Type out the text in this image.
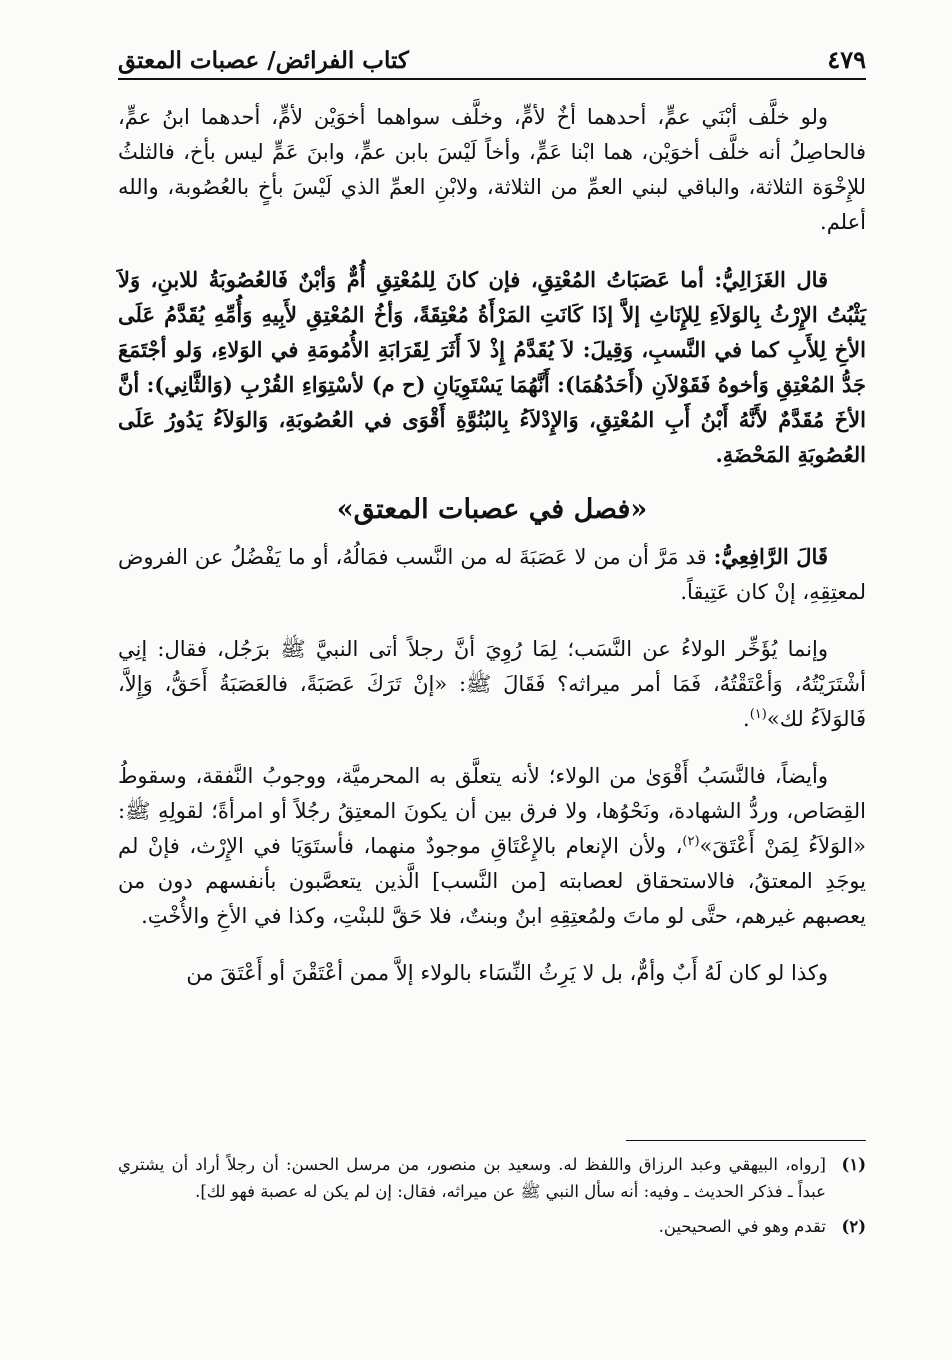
كتاب الفرائض/ عصبات المعتق	٤٧٩

ولو خلَّف أبْنَي عمٍّ، أحدهما أخٌ لأمٍّ، وخلَّف سواهما أخوَيْن لأمٍّ، أحدهما ابنُ عمٍّ، فالحاصِلُ أنه خلَّف أخوَيْن، هما ابْنا عَمٍّ، وأخاً لَيْسَ بابن عمٍّ، وابنَ عَمٍّ ليس بأخ، فالثلثُ للإِخْوَة الثلاثة، والباقي لبني العمِّ من الثلاثة، ولابْنِ العمِّ الذي لَيْسَ بأخٍ بالعُصُوبة، والله أعلم.

قال الغَزَالِيُّ: أما عَصَبَاتُ المُعْتِقِ، فإن كانَ لِلمُعْتِقِ أُمٌّ وَأبْنٌ فَالعُصُوبَةُ للابنِ، وَلاَ يَثْبُتُ الإِرْثُ بِالوَلاَءِ لِلإِنَاثِ إلاَّ إذَا كَانَتِ المَرْأَةُ مُعْتِقَةً، وَأخُ المُعْتِقِ لأَبِيهِ وَأُمِّهِ يُقَدَّمُ عَلَى الأخِ لِلأَبِ كما في النَّسبِ، وَقِيلَ: لاَ يُقَدَّمُ إِذْ لاَ أَثَرَ لِقَرَابَةِ الأُمُومَةِ في الوَلاءِ، وَلو أجْتَمَعَ جَدُّ المُعْتِقِ وَأخوهُ فَقَوْلاَنِ (أَحَدُهُمَا): أَنَّهُمَا يَسْتَوِيَانِ (ح م) لأسْتِوَاءِ القُرْبِ (وَالثَّانِي): أنَّ الأخَ مُقَدَّمٌ لأَنَّهُ أَبْنُ أَبِ المُعْتِقِ، وَالإِدْلاَءُ بِالبُنُوَّةِ أَقْوَى في العُصُوبَةِ، وَالوَلاَءُ يَدُورُ عَلَى العُصُوبَةِ المَحْضَةِ.

«فصل في عصبات المعتق»

قَالَ الرَّافِعِيُّ: قد مَرَّ أن من لا عَصَبَةَ له من النَّسب فمَالُهُ، أو ما يَفْضُلُ عن الفروض لمعتِقِهِ، إنْ كان عَتِيقاً.

وإنما يُؤَخِّر الولاءُ عن النَّسَب؛ لِمَا رُوِيَ أنَّ رجلاً أتى النبيَّ ﷺ برَجُل، فقال: إنِي أشْتَرَيْتُهُ، وَأعْتَقْتُهُ، فَمَا أمر ميراثه؟ فَقَالَ ﷺ: «إنْ تَرَكَ عَصَبَةً، فالعَصَبَةُ أَحَقُّ، وَإِلاَّ، فَالوَلاَءُ لك»$^{(١)}$.

وأيضاً، فالنَّسَبُ أَقْوَىٰ من الولاء؛ لأنه يتعلَّق به المحرميَّة، ووجوبُ النَّفقة، وسقوطُ القِصَاص، وردُّ الشهادة، ونَحْوُها، ولا فرق بين أن يكونَ المعتِقُ رجُلاً أو امرأةً؛ لقولِهِ ﷺ: «الوَلاَءُ لِمَنْ أَعْتَقَ»$^{(٢)}$، ولأن الإنعام بالإِعْتَاقِ موجودٌ منهما، فأستَوَيَا في الإِرْث، فإنْ لم يوجَدِ المعتقُ، فالاستحقاق لعصابته [من النَّسب] الَّذين يتعصَّبون بأنفسهم دون من يعصبهم غيرهم، حتَّى لو ماتَ ولمُعتِقِهِ ابنٌ وبنتٌ، فلا حَقَّ للبنْتِ، وكذا في الأخِ والأُخْتِ.

وكذا لو كان لَهُ أَبٌ وأمٌّ، بل لا يَرِثُ النِّسَاء بالولاء إلاَّ ممن أعْتَقْنَ أو أَعْتَقَ من

(١)
[رواه، البيهقي وعبد الرزاق واللفظ له. وسعيد بن منصور، من مرسل الحسن: أن رجلاً أراد أن يشتري عبداً ـ فذكر الحديث ـ وفيه: أنه سأل النبي ﷺ عن ميراثه، فقال: إن لم يكن له عصبة فهو لك].
(٢)
تقدم وهو في الصحيحين.
